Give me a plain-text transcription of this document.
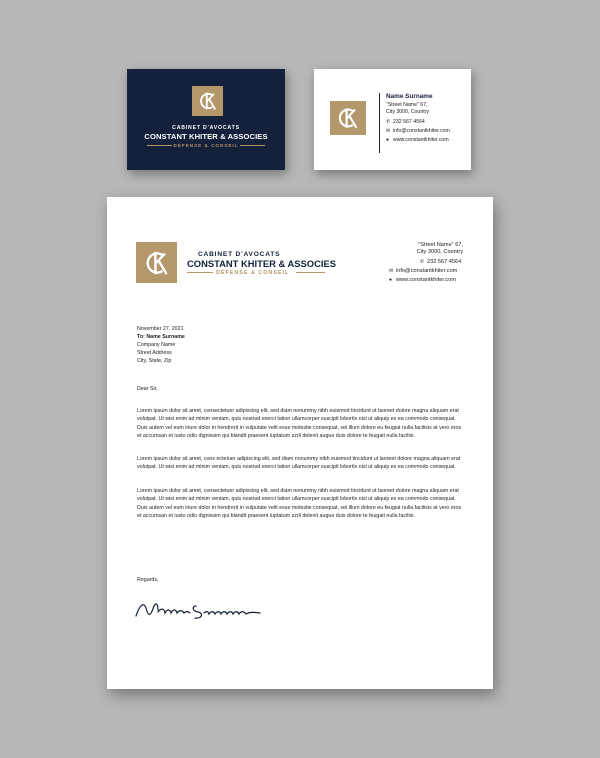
CABINET D'AVOCATS
CONSTANT KHITER & ASSOCIES
DÉFENSE & CONSEIL
Name Surname
"Street Name" 67,
City 3000, Country
✆ 232 567 4564
✉ info@constantkhiter.com
● www.constantkhiter.com
CABINET D'AVOCATS
CONSTANT KHITER & ASSOCIES
DÉFENSE & CONSEIL
"Street Name" 67,
City 3000, Country
✆ 232 567 4564
✉ info@constantkhiter.com
● www.constantkhiter.com
November 27, 2021
To: Name Surname
Company Name
Street Address
City, State, Zip
Dear Sir,
Lorem ipsum dolor sit amet, consectetuer adipiscing elit, sed diam nonummy nibh euismod tincidunt ut laoreet dolore magna aliquam erat volutpat. Ut wisi enim ad minim veniam, quis nostrud exerci tation ullamcorper suscipit lobortis nisl ut aliquip ex ea commodo consequat. Duis autem vel eum iriure dolor in hendrerit in vulputate velit esse molestie consequat, vel illum dolore eu feugiat nulla facilisis at vero eros et accumsan et iusto odio dignissim qui blandit praesent luptatum zzril delenit augue duis dolore te feugait nulla facilisi.
Lorem ipsum dolor sit amet, cons ectetuer adipiscing elit, sed diam nonummy nibh euismod tincidunt ut laoreet dolore magna aliquam erat volutpat. Ut wisi enim ad minim veniam, quis nostrud exerci tation ullamcorper suscipit lobortis nisl ut aliquip ex ea commodo consequat.
Lorem ipsum dolor sit amet, consectetuer adipiscing elit, sed diam nonummy nibh euismod tincidunt ut laoreet dolore magna aliquam erat volutpat. Ut wisi enim ad minim veniam, quis nostrud exerci tation ullamcorper suscipit lobortis nisl ut aliquip ex ea commodo consequat. Duis autem vel eum iriure dolor in hendrerit in vulputate velit esse molestie consequat, vel illum dolore eu feugiat nulla facilisis at vero eros et accumsan et iusto odio dignissim qui blandit praesent luptatum zzril delenit augue duis dolore te feugait nulla facilisi.
Regards,
